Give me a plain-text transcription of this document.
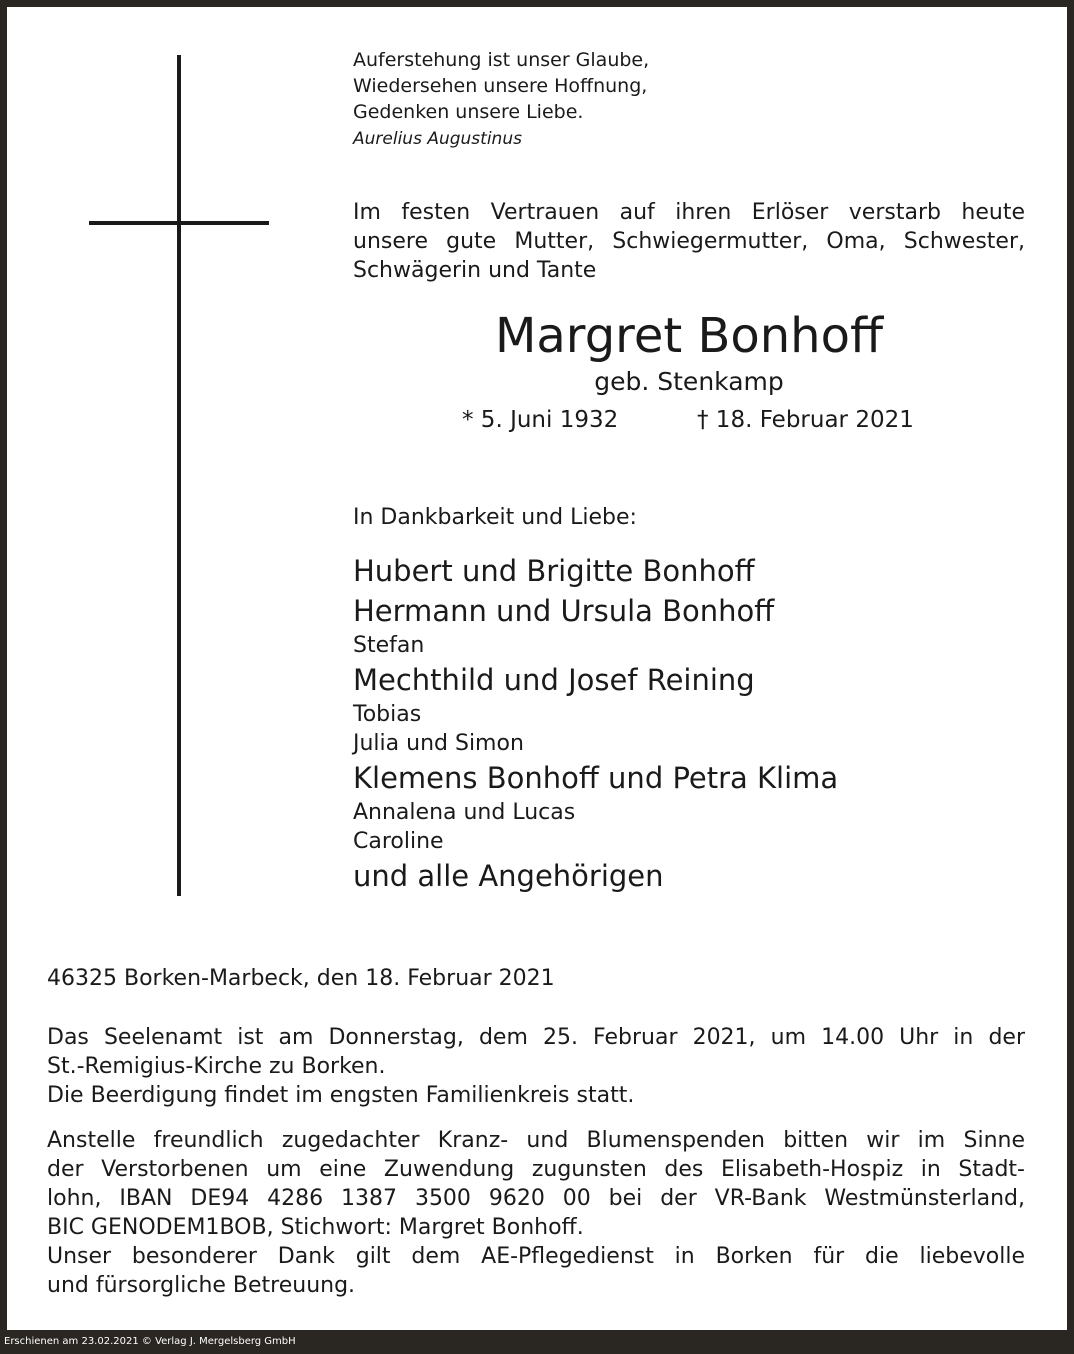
Auferstehung ist unser Glaube,
Wiedersehen unsere Hoffnung,
Gedenken unsere Liebe.
Aurelius Augustinus
Im festen Vertrauen auf ihren Erlöser verstarb heute
unsere gute Mutter, Schwiegermutter, Oma, Schwester,
Schwägerin und Tante
Margret Bonhoff
geb. Stenkamp
* 5. Juni 1932	† 18. Februar 2021
In Dankbarkeit und Liebe:
Hubert und Brigitte Bonhoff
Hermann und Ursula Bonhoff
Stefan
Mechthild und Josef Reining
Tobias
Julia und Simon
Klemens Bonhoff und Petra Klima
Annalena und Lucas
Caroline
und alle Angehörigen
46325 Borken-Marbeck, den 18. Februar 2021
Das Seelenamt ist am Donnerstag, dem 25. Februar 2021, um 14.00 Uhr in der
St.-Remigius-Kirche zu Borken.
Die Beerdigung findet im engsten Familienkreis statt.
Anstelle freundlich zugedachter Kranz- und Blumenspenden bitten wir im Sinne
der Verstorbenen um eine Zuwendung zugunsten des Elisabeth-Hospiz in Stadt-
lohn, IBAN DE94 4286 1387 3500 9620 00 bei der VR-Bank Westmünsterland,
BIC GENODEM1BOB, Stichwort: Margret Bonhoff.
Unser besonderer Dank gilt dem AE-Pflegedienst in Borken für die liebevolle
und fürsorgliche Betreuung.
Erschienen am 23.02.2021 © Verlag J. Mergelsberg GmbH
